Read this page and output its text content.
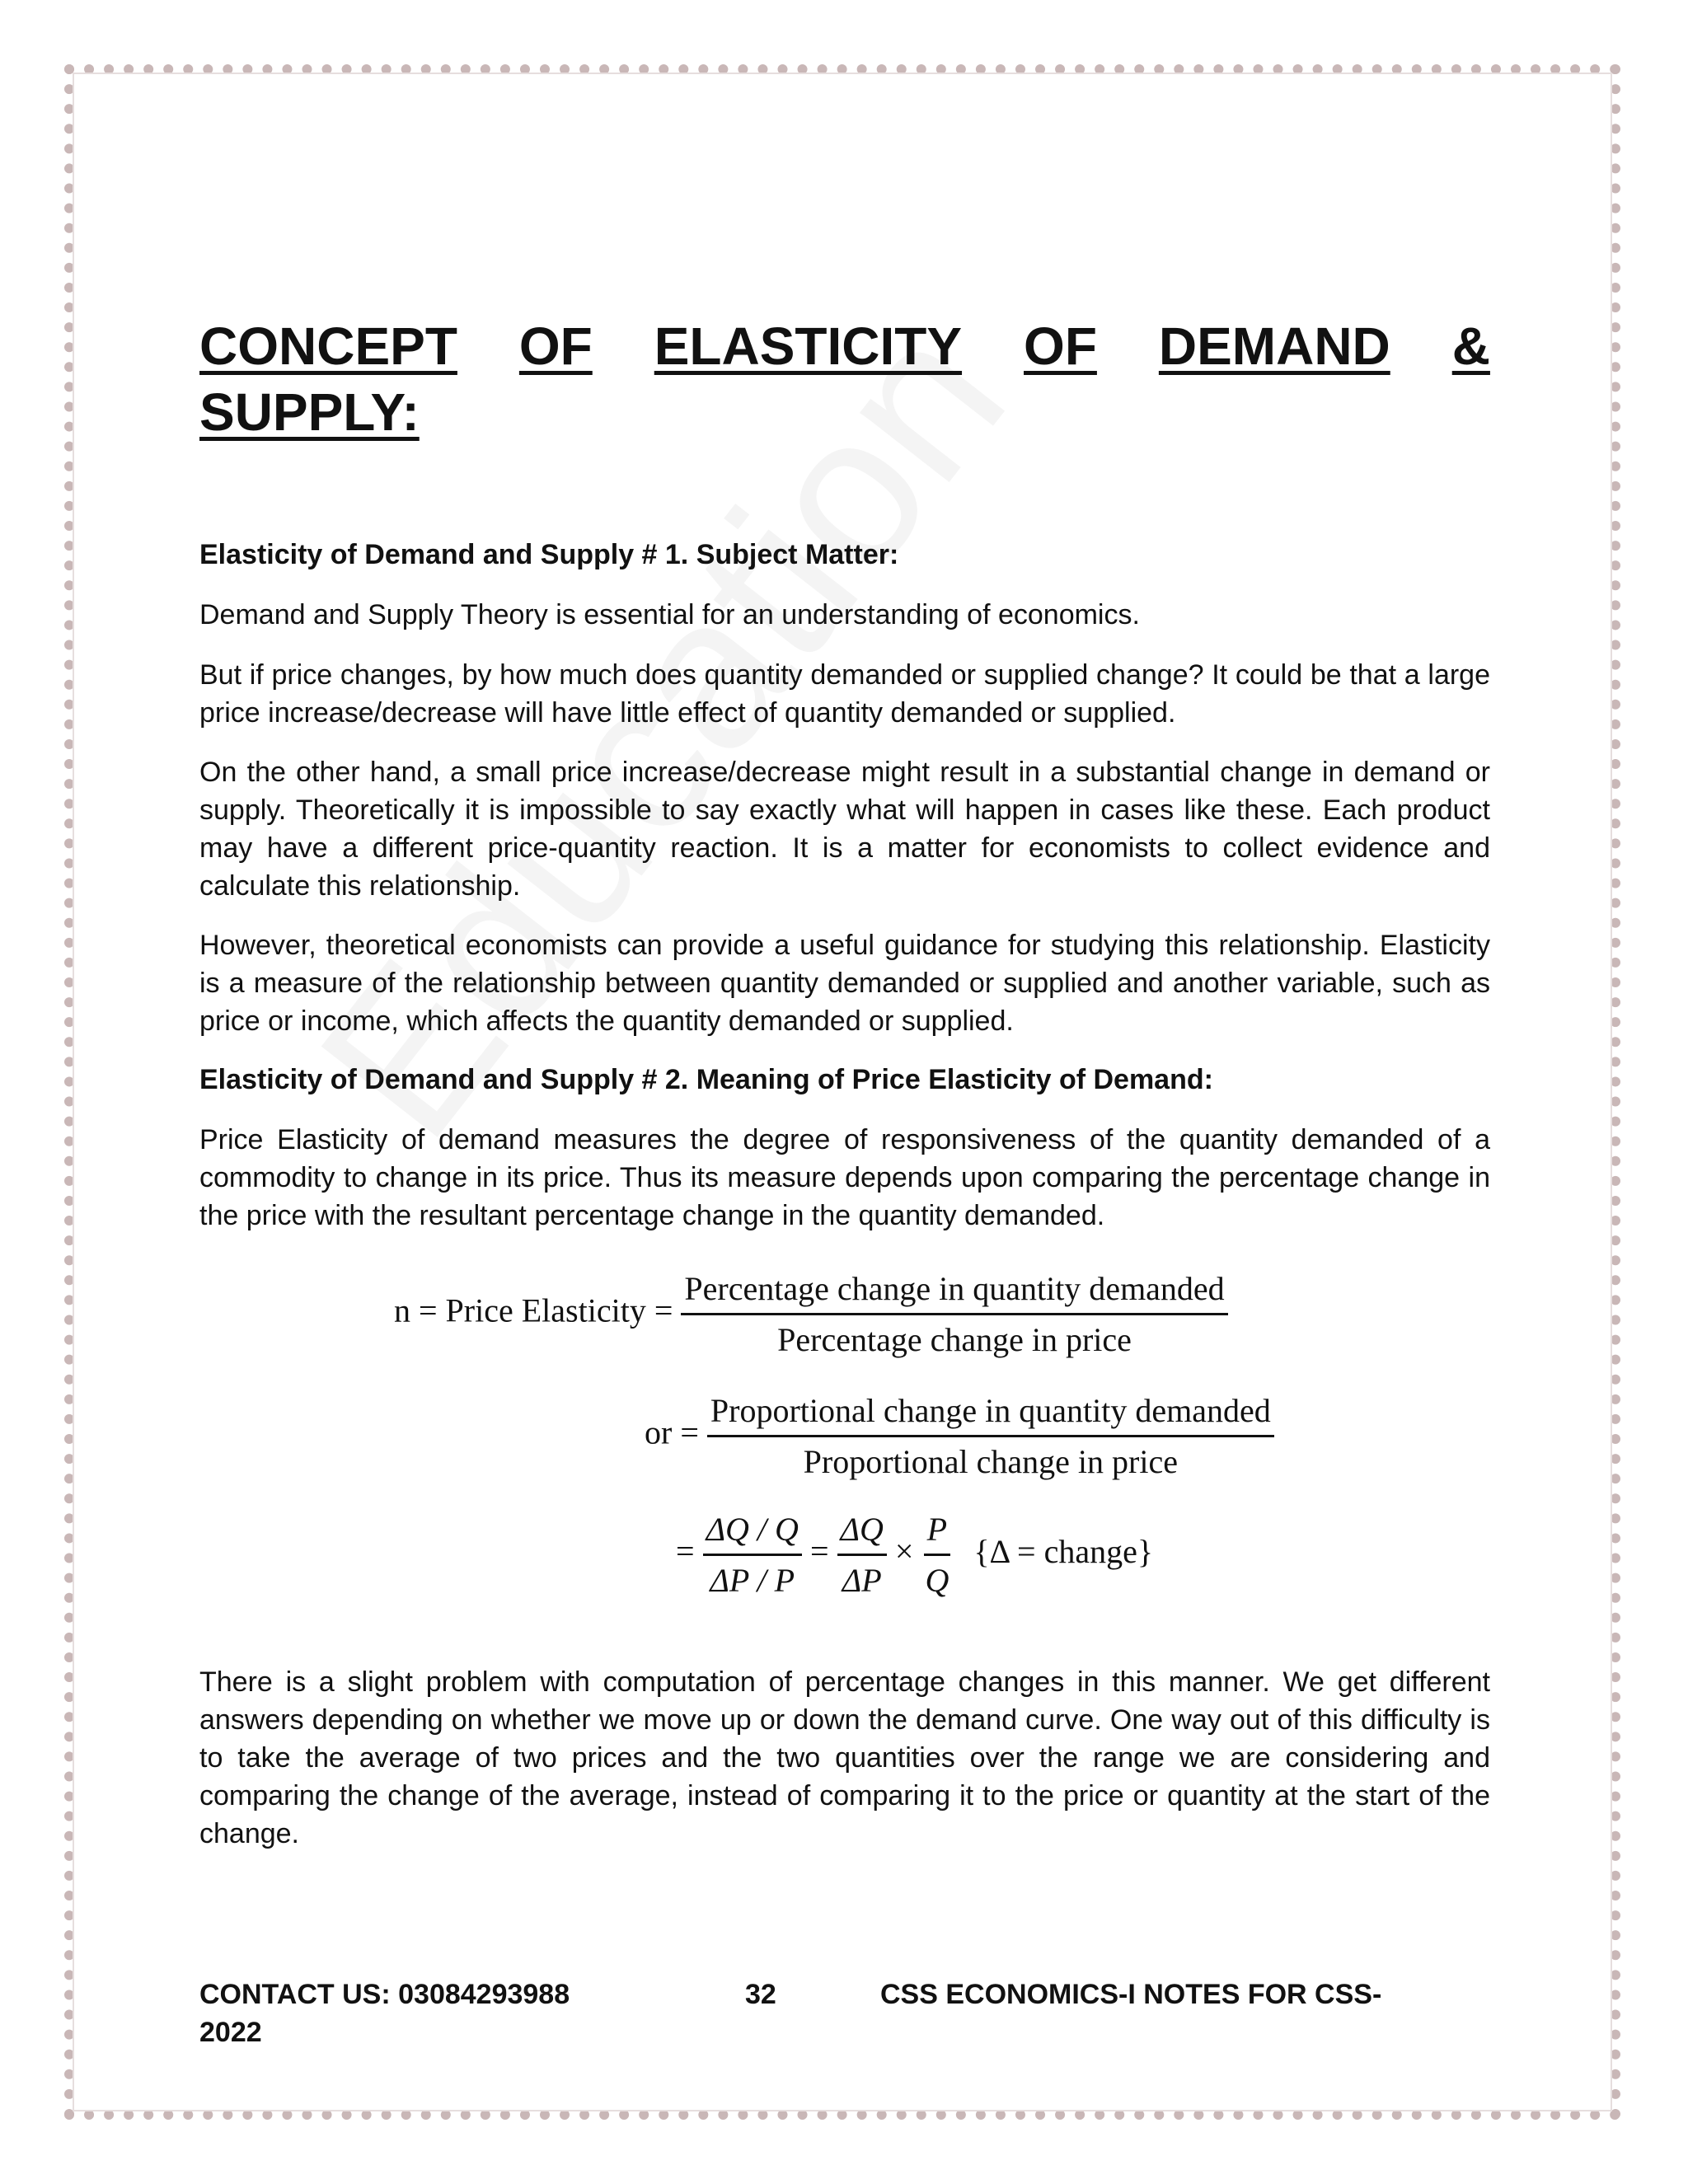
CONCEPT OF ELASTICITY OF DEMAND &
SUPPLY:
Elasticity of Demand and Supply # 1. Subject Matter:

Demand and Supply Theory is essential for an understanding of economics.

But if price changes, by how much does quantity demanded or supplied change? It could be that a large price increase/decrease will have little effect of quantity demanded or supplied.

On the other hand, a small price increase/decrease might result in a substantial change in demand or supply. Theoretically it is impossible to say exactly what will happen in cases like these. Each product may have a different price-quantity reaction. It is a matter for economists to collect evidence and calculate this relationship.

However, theoretical economists can provide a useful guidance for studying this relationship. Elasticity is a measure of the relationship between quantity demanded or supplied and another variable, such as price or income, which affects the quantity demanded or supplied.

Elasticity of Demand and Supply # 2. Meaning of Price Elasticity of Demand:

Price Elasticity of demand measures the degree of responsiveness of the quantity demanded of a commodity to change in its price. Thus its measure depends upon comparing the percentage change in the price with the resultant percentage change in the quantity demanded.

n = Price Elasticity = $\frac{\text{Percentage change in quantity demanded}}{\text{Percentage change in price}}$
or = $\frac{\text{Proportional change in quantity demanded}}{\text{Proportional change in price}}$
= $\frac{\Delta Q / Q}{\Delta P / P} = \frac{\Delta Q}{\Delta P} \times \frac{P}{Q} \{\Delta$ = change}

There is a slight problem with computation of percentage changes in this manner. We get different answers depending on whether we move up or down the demand curve. One way out of this difficulty is to take the average of two prices and the two quantities over the range we are considering and comparing the change of the average, instead of comparing it to the price or quantity at the start of the change.

CONTACT US: 03084293988	32	CSS ECONOMICS-I NOTES FOR CSS-
2022
